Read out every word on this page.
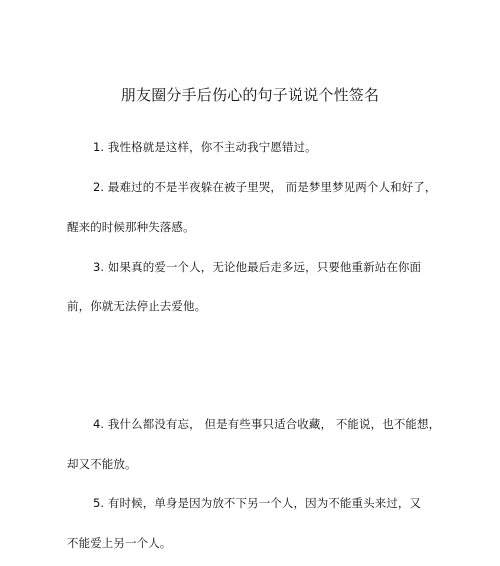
朋友圈分手后伤心的句子说说个性签名
1. 我性格就是这样，你不主动我宁愿错过。
2. 最难过的不是半夜躲在被子里哭， 而是梦里梦见两个人和好了，
醒来的时候那种失落感。
3. 如果真的爱一个人，无论他最后走多远，只要他重新站在你面
前，你就无法停止去爱他。
4. 我什么都没有忘， 但是有些事只适合收藏， 不能说，也不能想，
却又不能放。
5. 有时候，单身是因为放不下另一个人，因为不能重头来过，又
不能爱上另一个人。
